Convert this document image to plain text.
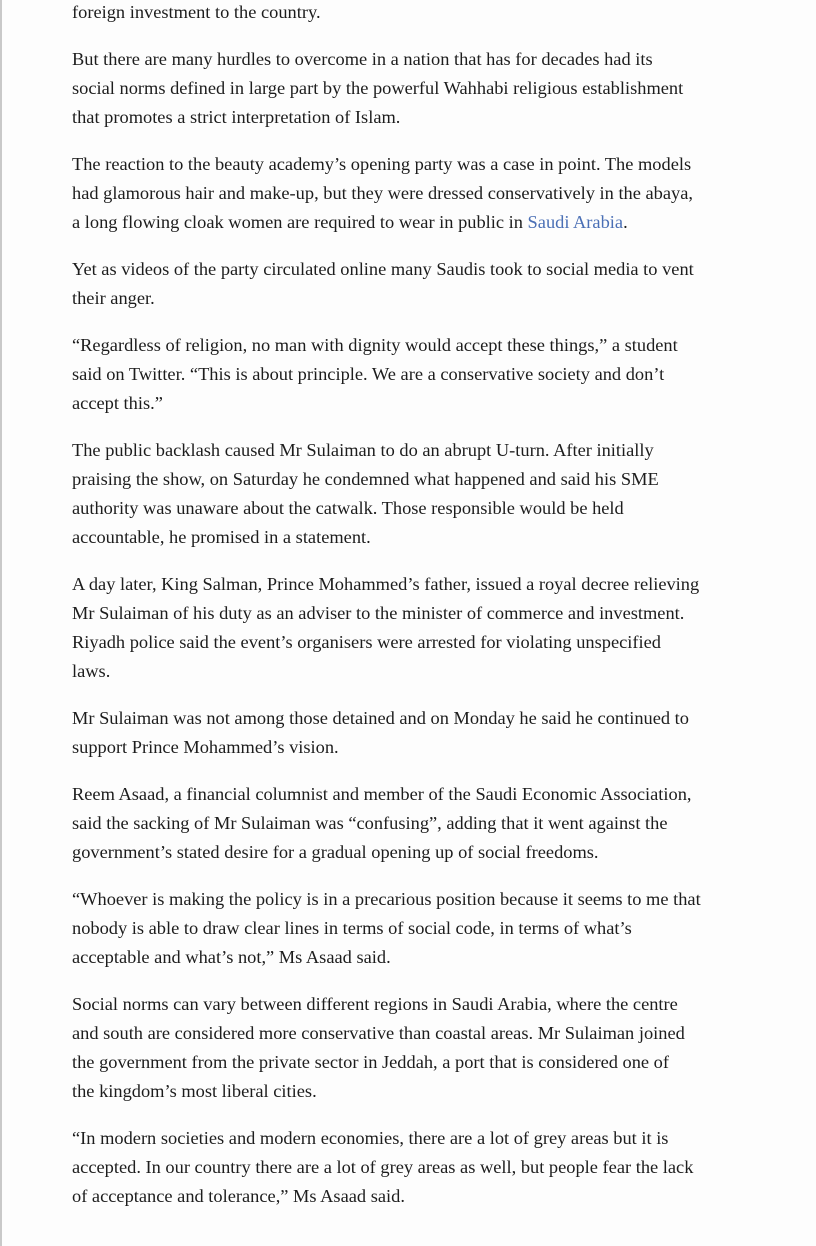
foreign investment to the country.

But there are many hurdles to overcome in a nation that has for decades had its
social norms defined in large part by the powerful Wahhabi religious establishment
that promotes a strict interpretation of Islam.

The reaction to the beauty academy’s opening party was a case in point. The models
had glamorous hair and make-up, but they were dressed conservatively in the abaya,
a long flowing cloak women are required to wear in public in Saudi Arabia.

Yet as videos of the party circulated online many Saudis took to social media to vent
their anger.

“Regardless of religion, no man with dignity would accept these things,” a student
said on Twitter. “This is about principle. We are a conservative society and don’t
accept this.”

The public backlash caused Mr Sulaiman to do an abrupt U-turn. After initially
praising the show, on Saturday he condemned what happened and said his SME
authority was unaware about the catwalk. Those responsible would be held
accountable, he promised in a statement.

A day later, King Salman, Prince Mohammed’s father, issued a royal decree relieving
Mr Sulaiman of his duty as an adviser to the minister of commerce and investment.
Riyadh police said the event’s organisers were arrested for violating unspecified
laws.

Mr Sulaiman was not among those detained and on Monday he said he continued to
support Prince Mohammed’s vision.

Reem Asaad, a financial columnist and member of the Saudi Economic Association,
said the sacking of Mr Sulaiman was “confusing”, adding that it went against the
government’s stated desire for a gradual opening up of social freedoms.

“Whoever is making the policy is in a precarious position because it seems to me that
nobody is able to draw clear lines in terms of social code, in terms of what’s
acceptable and what’s not,” Ms Asaad said.

Social norms can vary between different regions in Saudi Arabia, where the centre
and south are considered more conservative than coastal areas. Mr Sulaiman joined
the government from the private sector in Jeddah, a port that is considered one of
the kingdom’s most liberal cities.

“In modern societies and modern economies, there are a lot of grey areas but it is
accepted. In our country there are a lot of grey areas as well, but people fear the lack
of acceptance and tolerance,” Ms Asaad said.
